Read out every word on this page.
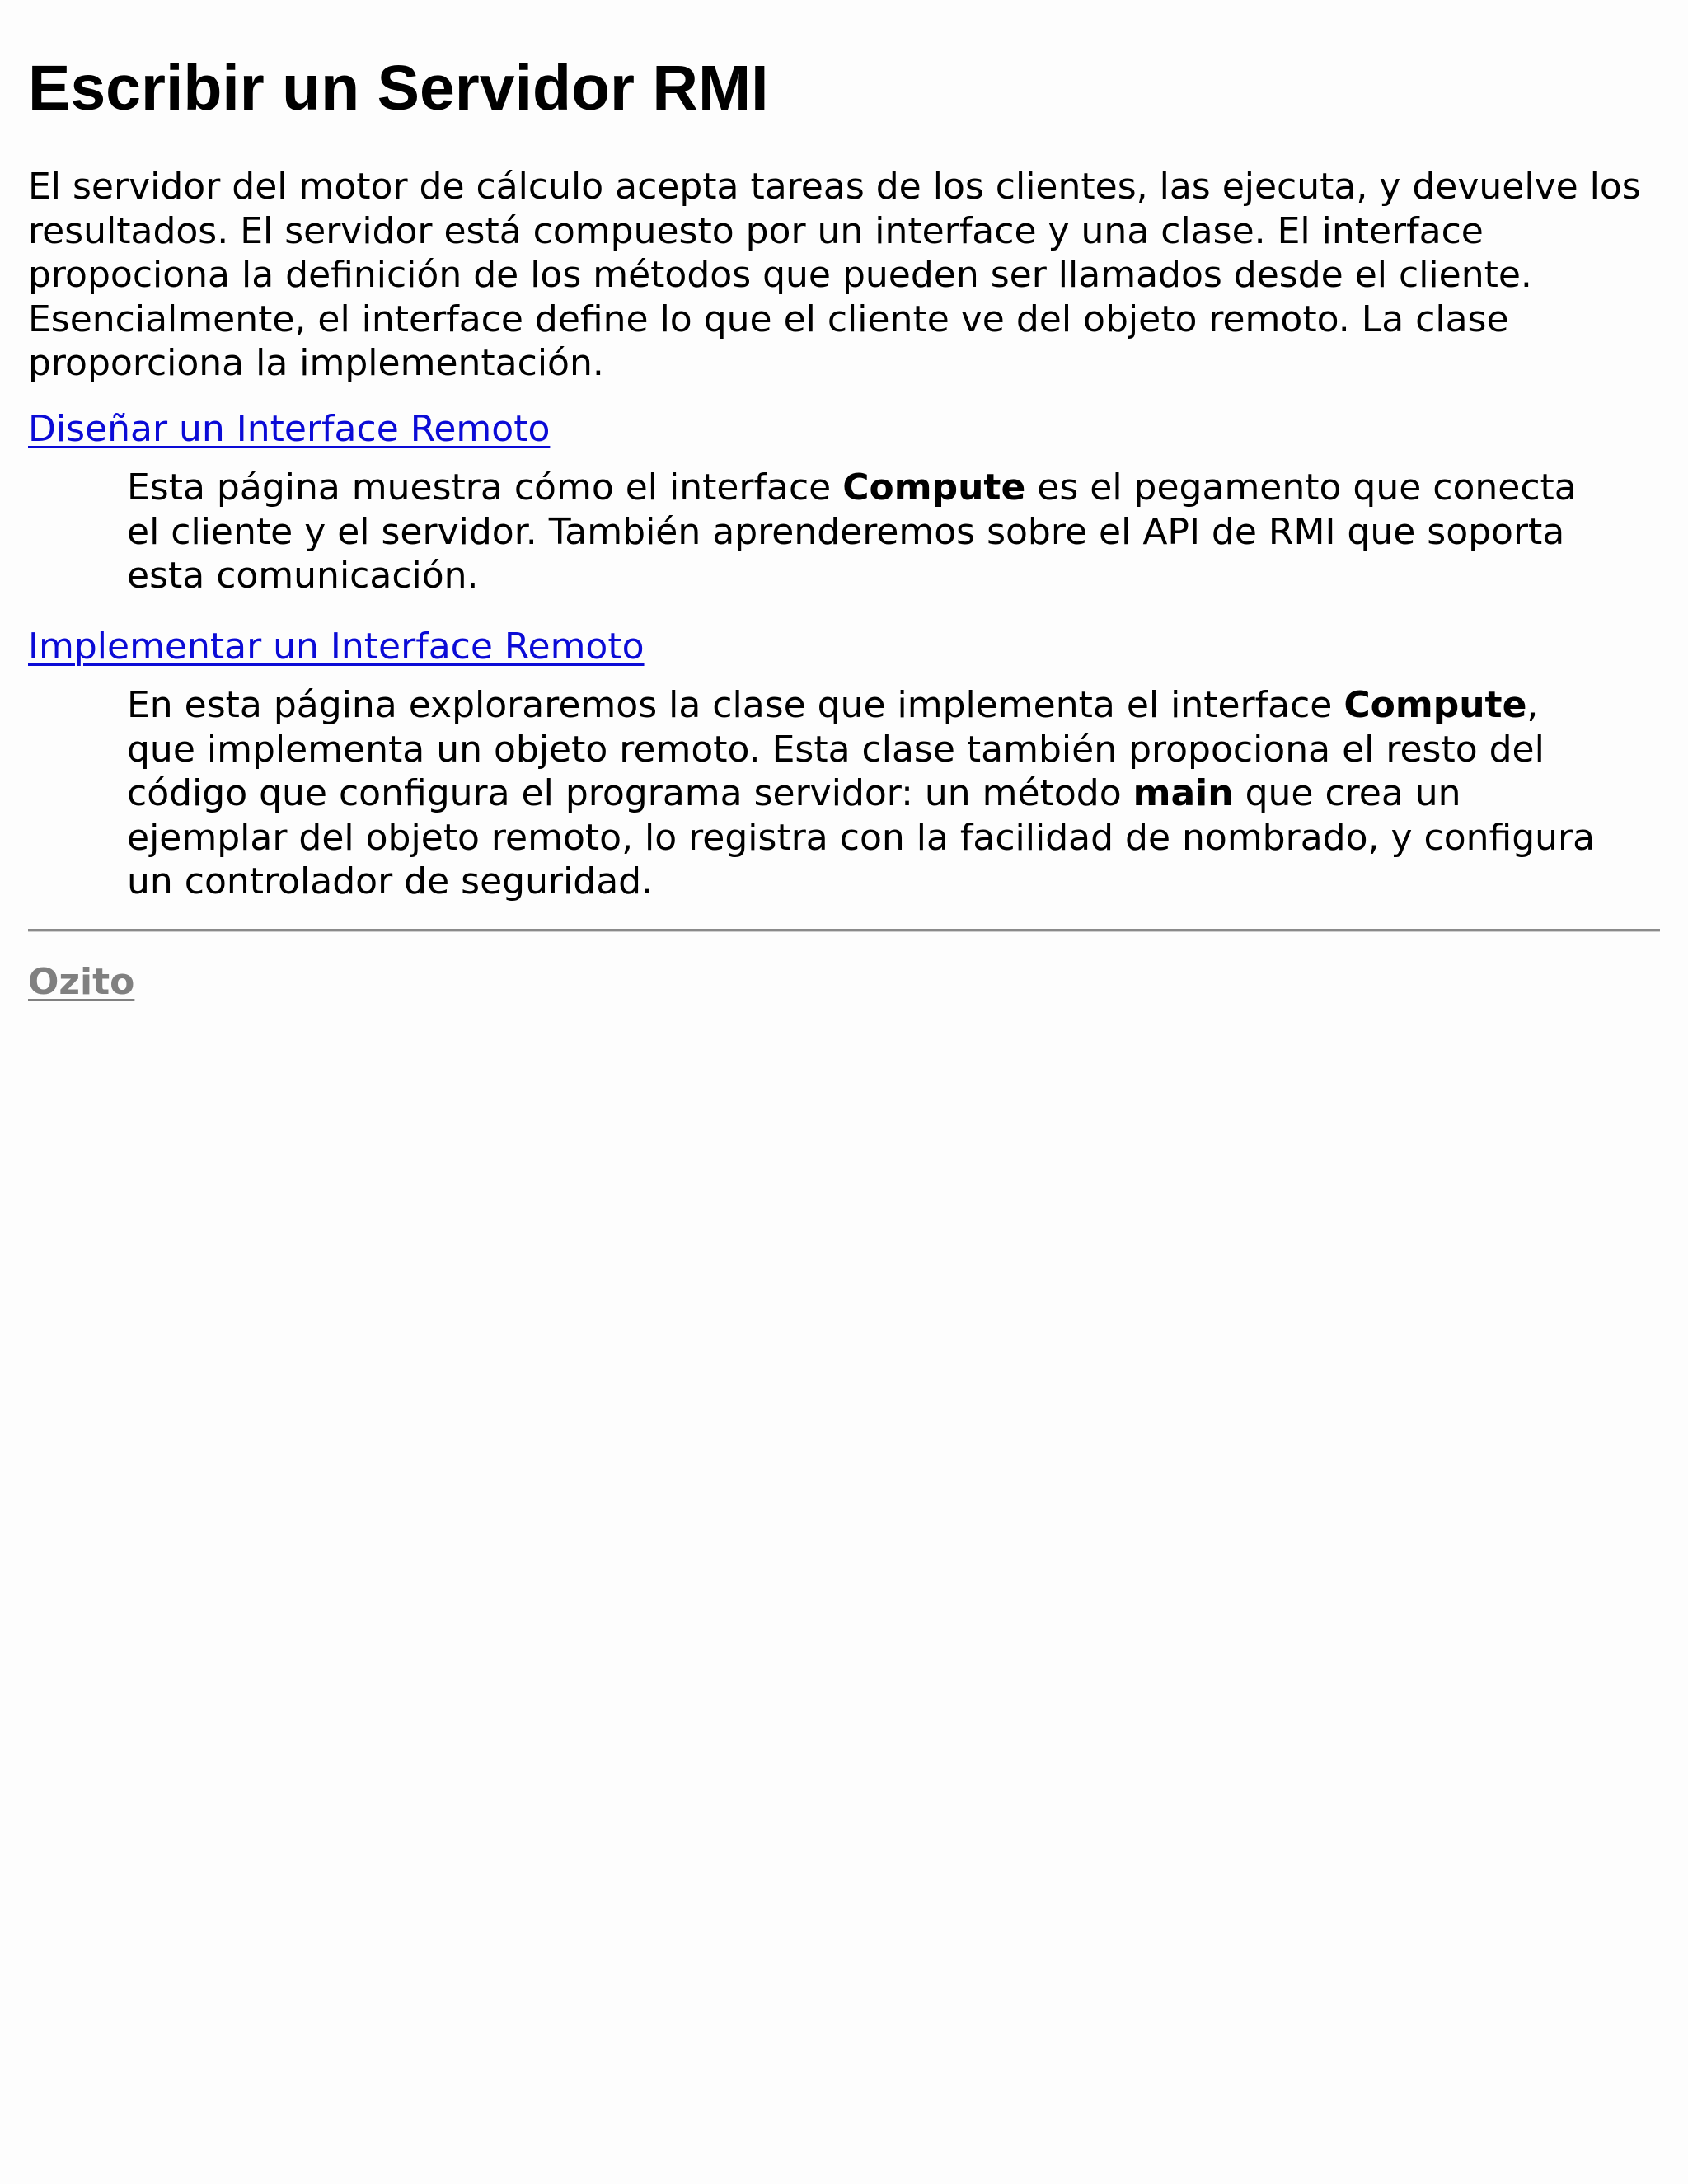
Escribir un Servidor RMI

El servidor del motor de cálculo acepta tareas de los clientes, las ejecuta, y devuelve los resultados. El servidor está compuesto por un interface y una clase. El interface propociona la definición de los métodos que pueden ser llamados desde el cliente. Esencialmente, el interface define lo que el cliente ve del objeto remoto. La clase proporciona la implementación.

Diseñar un Interface Remoto
Esta página muestra cómo el interface Compute es el pegamento que conecta el cliente y el servidor. También aprenderemos sobre el API de RMI que soporta esta comunicación.
Implementar un Interface Remoto
En esta página exploraremos la clase que implementa el interface Compute, que implementa un objeto remoto. Esta clase también propociona el resto del código que configura el programa servidor: un método main que crea un ejemplar del objeto remoto, lo registra con la facilidad de nombrado, y configura un controlador de seguridad.
Ozito
